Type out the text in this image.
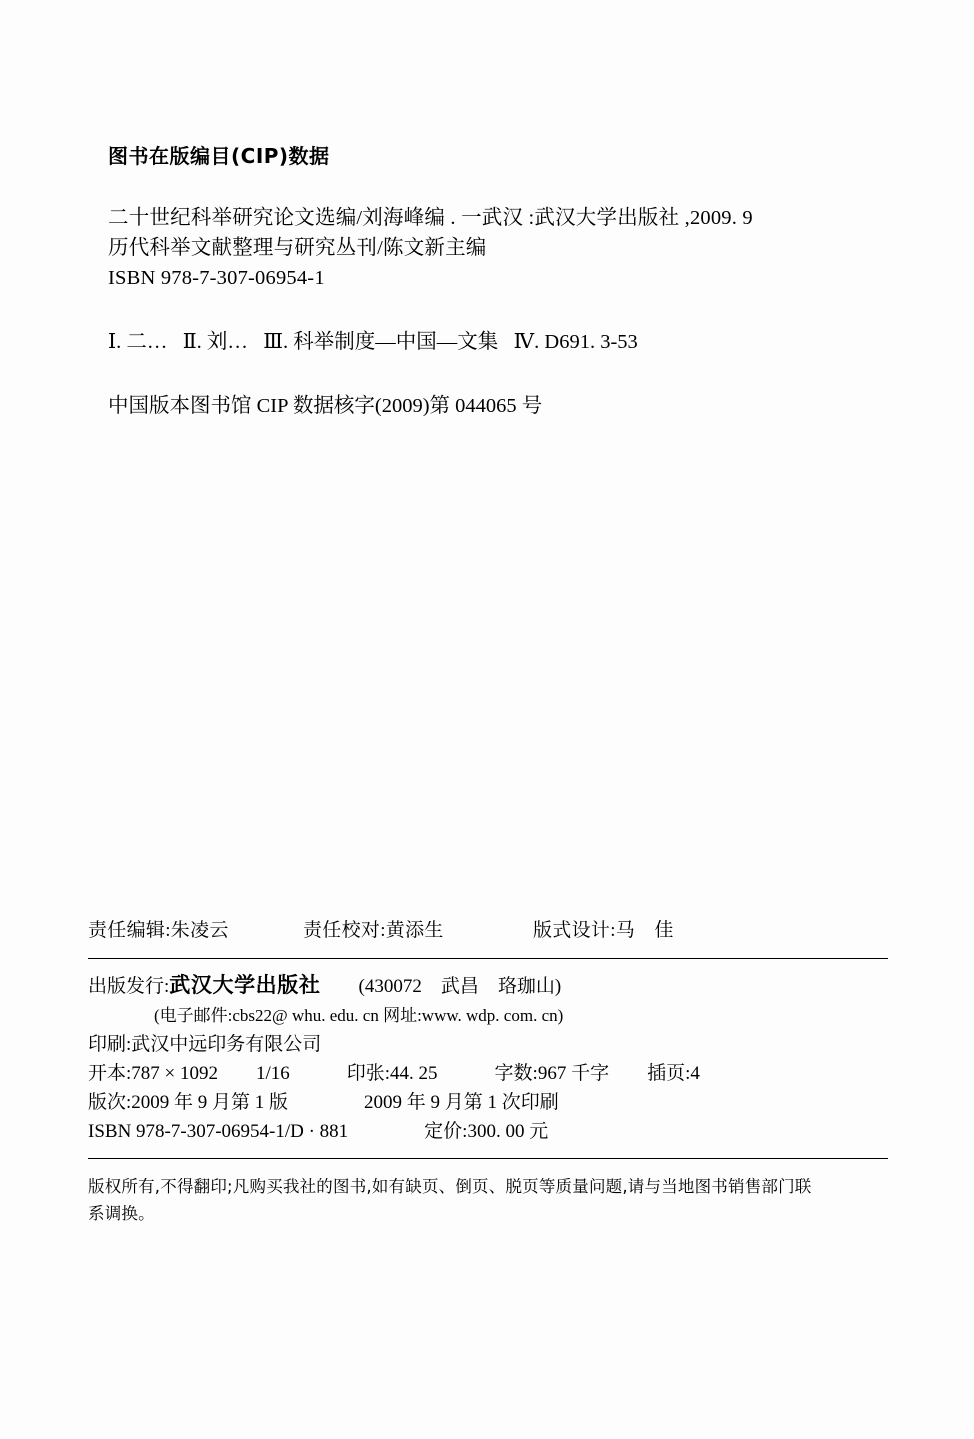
图书在版编目(CIP)数据
二十世纪科举研究论文选编/刘海峰编 . 一武汉 :武汉大学出版社 ,2009. 9
历代科举文献整理与研究丛刊/陈文新主编
ISBN 978-7-307-06954-1
Ⅰ. 二…   Ⅱ. 刘…   Ⅲ. 科举制度—中国—文集   Ⅳ. D691. 3-53
中国版本图书馆 CIP 数据核字(2009)第 044065 号
责任编辑:朱凌云	责任校对:黄添生	版式设计:马　佳
出版发行:武汉大学出版社　　 (430072　武昌　珞珈山)
(电子邮件:cbs22@ whu. edu. cn 网址:www. wdp. com. cn)
印刷:武汉中远印务有限公司
开本:787 × 1092　　1/16　　　印张:44. 25　　　字数:967 千字　　插页:4
版次:2009 年 9 月第 1 版　　　　2009 年 9 月第 1 次印刷
ISBN 978-7-307-06954-1/D · 881　　　　定价:300. 00 元
版权所有,不得翻印;凡购买我社的图书,如有缺页、倒页、脱页等质量问题,请与当地图书销售部门联
系调换。
